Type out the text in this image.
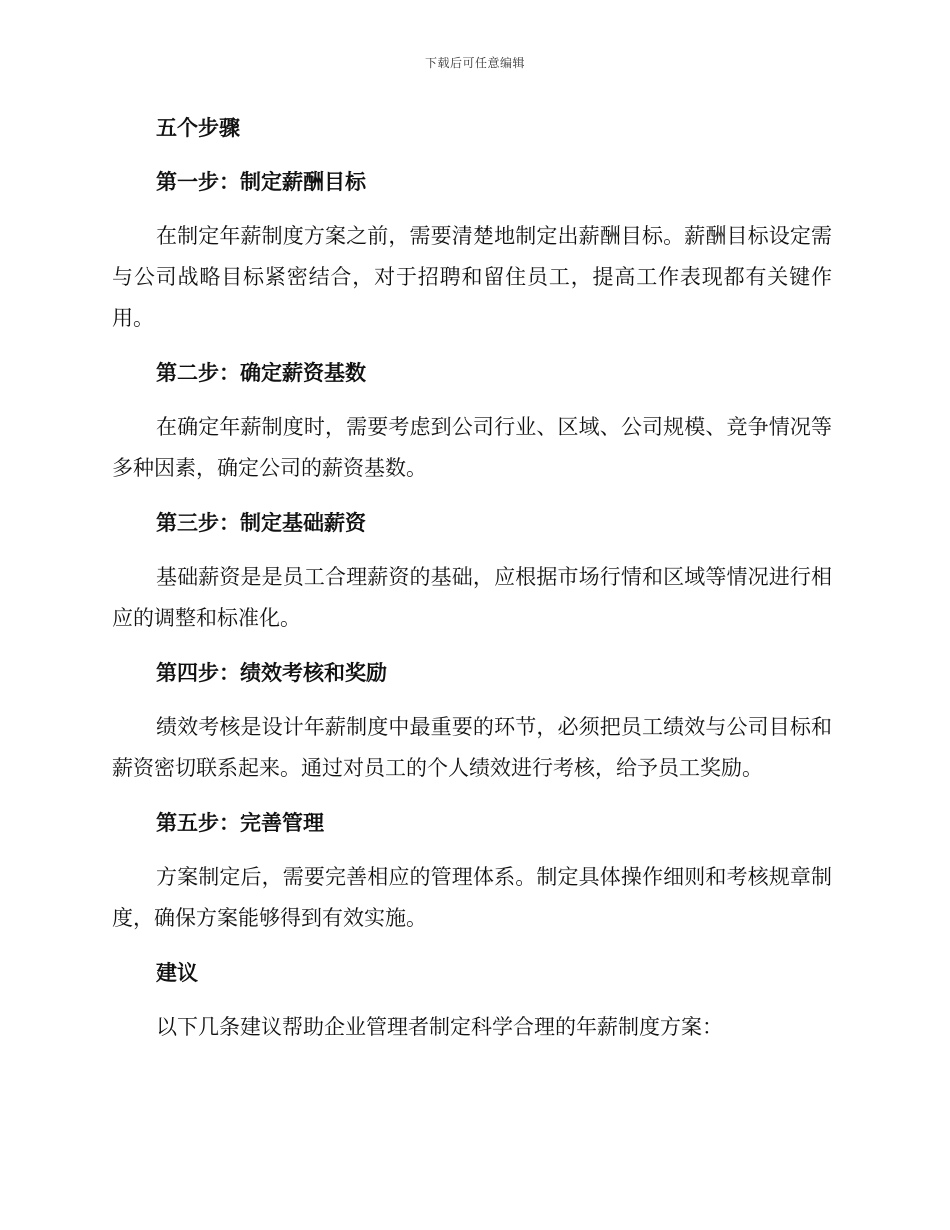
下载后可任意编辑
五个步骤
第一步：制定薪酬目标
在制定年薪制度方案之前，需要清楚地制定出薪酬目标。薪酬目标设定需与公司战略目标紧密结合，对于招聘和留住员工，提高工作表现都有关键作用。
第二步：确定薪资基数
在确定年薪制度时，需要考虑到公司行业、区域、公司规模、竞争情况等多种因素，确定公司的薪资基数。
第三步：制定基础薪资
基础薪资是是员工合理薪资的基础，应根据市场行情和区域等情况进行相应的调整和标准化。
第四步：绩效考核和奖励
绩效考核是设计年薪制度中最重要的环节，必须把员工绩效与公司目标和薪资密切联系起来。通过对员工的个人绩效进行考核，给予员工奖励。
第五步：完善管理
方案制定后，需要完善相应的管理体系。制定具体操作细则和考核规章制度，确保方案能够得到有效实施。
建议
以下几条建议帮助企业管理者制定科学合理的年薪制度方案：
